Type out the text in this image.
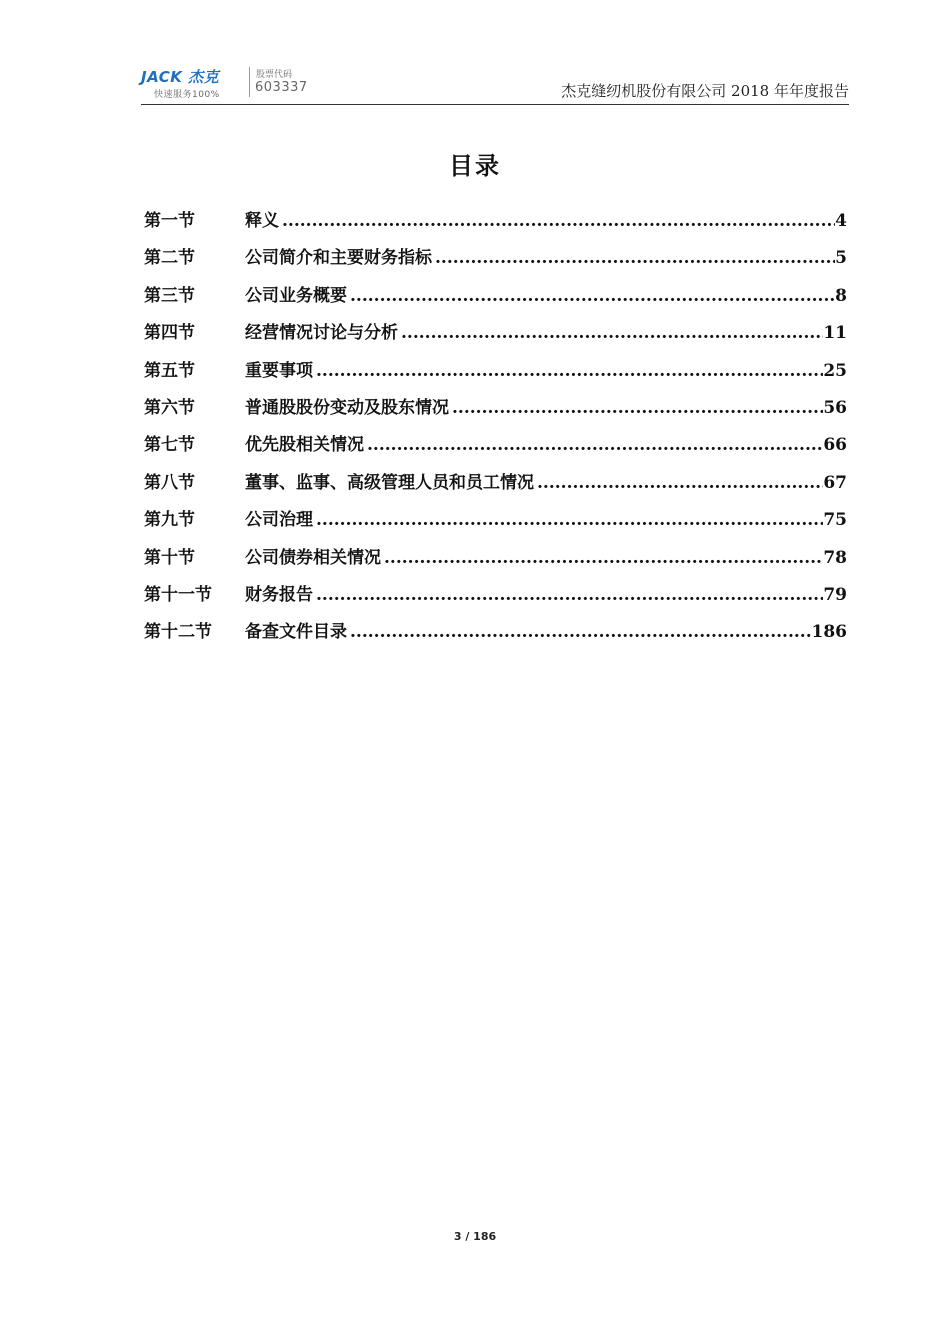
JACK 杰克
快速服务100%
股票代码
603337	杰克缝纫机股份有限公司 2018 年年度报告
目录
第一节	释义 .....	4
第二节	公司简介和主要财务指标 .....	5
第三节	公司业务概要 .....	8
第四节	经营情况讨论与分析 .....	11
第五节	重要事项 .....	25
第六节	普通股股份变动及股东情况 .....	56
第七节	优先股相关情况 .....	66
第八节	董事、监事、高级管理人员和员工情况 .....	67
第九节	公司治理 .....	75
第十节	公司债券相关情况 .....	78
第十一节 财务报告 .....	79
第十二节 备查文件目录 .....	186
3 / 186
